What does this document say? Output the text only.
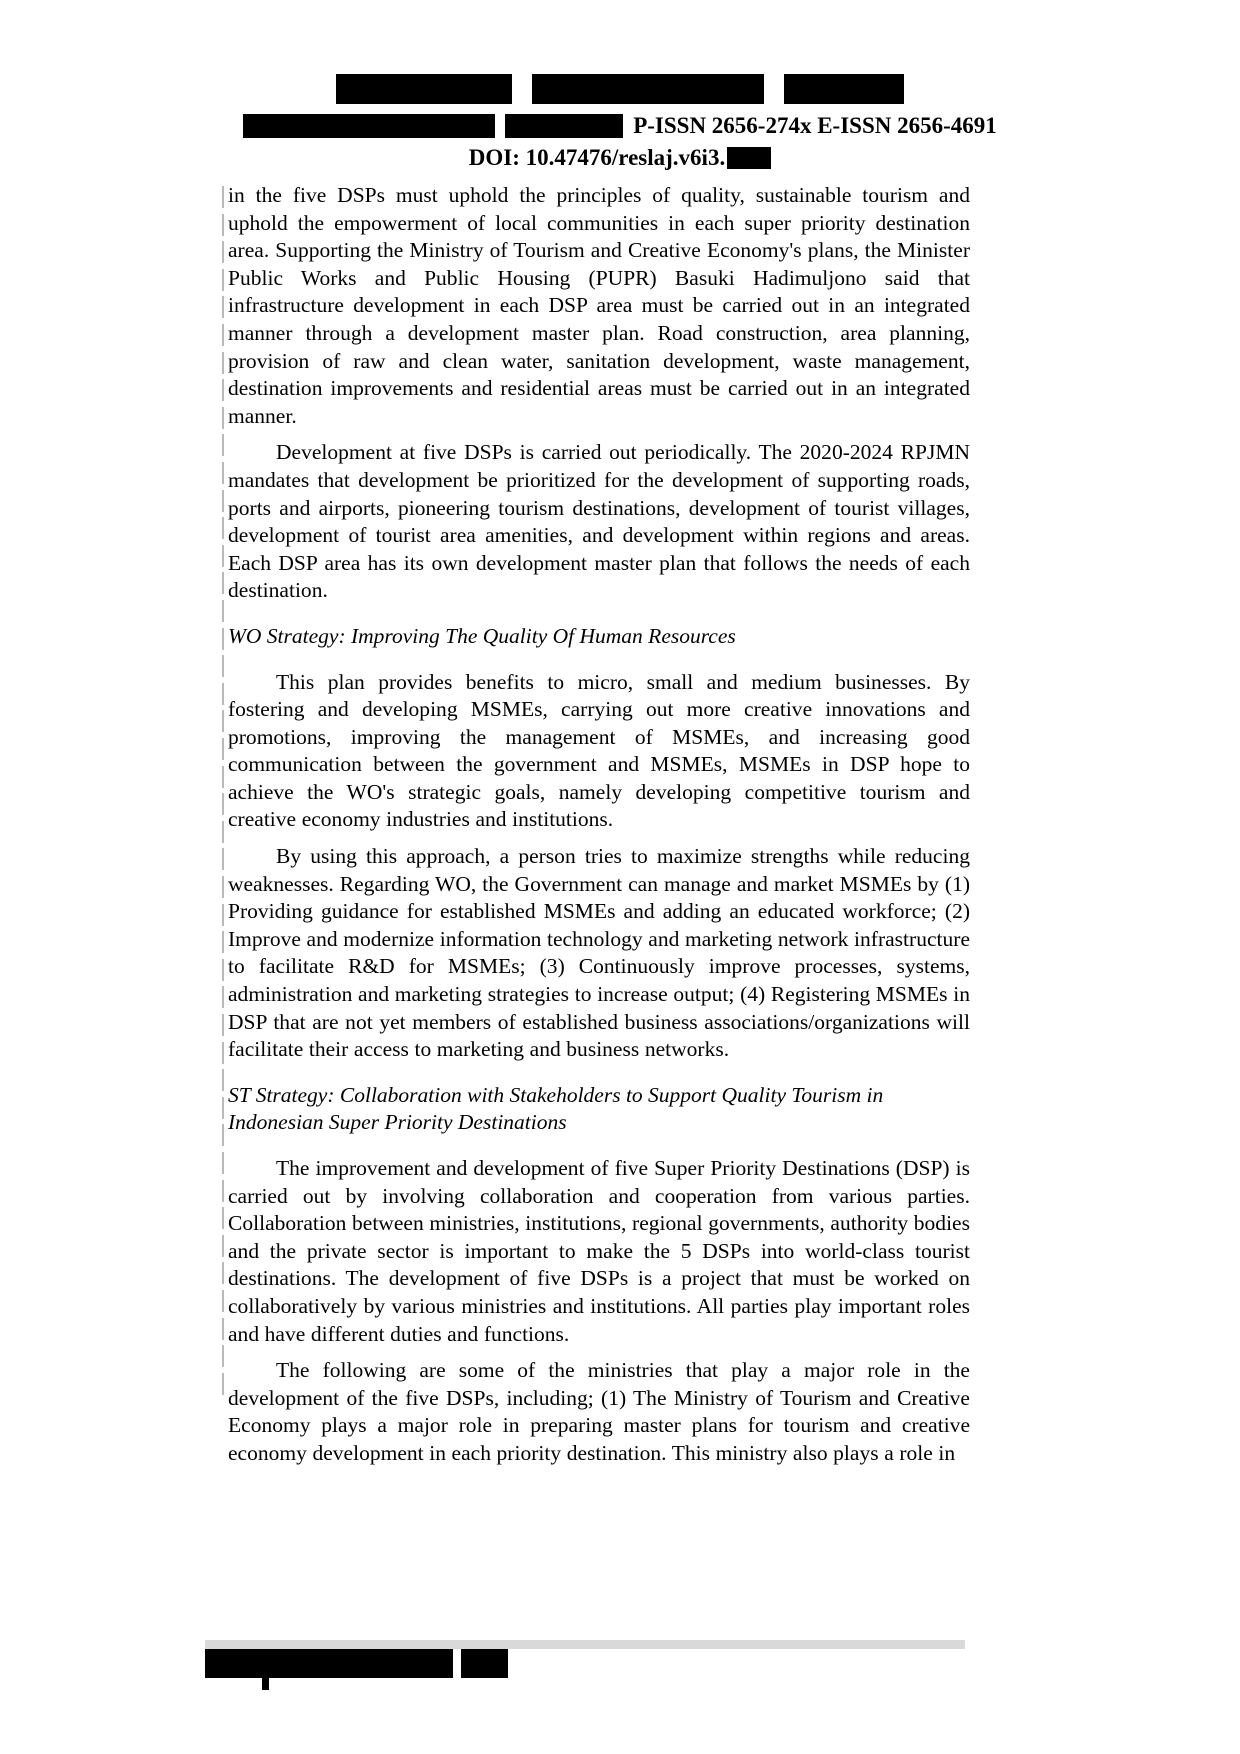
P-ISSN 2656-274x E-ISSN 2656-4691
DOI: 10.47476/reslaj.v6i3.

in the five DSPs must uphold the principles of quality, sustainable tourism and uphold the empowerment of local communities in each super priority destination area. Supporting the Ministry of Tourism and Creative Economy's plans, the Minister Public Works and Public Housing (PUPR) Basuki Hadimuljono said that infrastructure development in each DSP area must be carried out in an integrated manner through a development master plan. Road construction, area planning, provision of raw and clean water, sanitation development, waste management, destination improvements and residential areas must be carried out in an integrated manner.

Development at five DSPs is carried out periodically. The 2020-2024 RPJMN mandates that development be prioritized for the development of supporting roads, ports and airports, pioneering tourism destinations, development of tourist villages, development of tourist area amenities, and development within regions and areas. Each DSP area has its own development master plan that follows the needs of each destination.

WO Strategy: Improving The Quality Of Human Resources

This plan provides benefits to micro, small and medium businesses. By fostering and developing MSMEs, carrying out more creative innovations and promotions, improving the management of MSMEs, and increasing good communication between the government and MSMEs, MSMEs in DSP hope to achieve the WO's strategic goals, namely developing competitive tourism and creative economy industries and institutions.

By using this approach, a person tries to maximize strengths while reducing weaknesses. Regarding WO, the Government can manage and market MSMEs by (1) Providing guidance for established MSMEs and adding an educated workforce; (2) Improve and modernize information technology and marketing network infrastructure to facilitate R&D for MSMEs; (3) Continuously improve processes, systems, administration and marketing strategies to increase output; (4) Registering MSMEs in DSP that are not yet members of established business associations/organizations will facilitate their access to marketing and business networks.

ST Strategy: Collaboration with Stakeholders to Support Quality Tourism in Indonesian Super Priority Destinations

The improvement and development of five Super Priority Destinations (DSP) is carried out by involving collaboration and cooperation from various parties. Collaboration between ministries, institutions, regional governments, authority bodies and the private sector is important to make the 5 DSPs into world-class tourist destinations. The development of five DSPs is a project that must be worked on collaboratively by various ministries and institutions. All parties play important roles and have different duties and functions.

The following are some of the ministries that play a major role in the development of the five DSPs, including; (1) The Ministry of Tourism and Creative Economy plays a major role in preparing master plans for tourism and creative economy development in each priority destination. This ministry also plays a role in
